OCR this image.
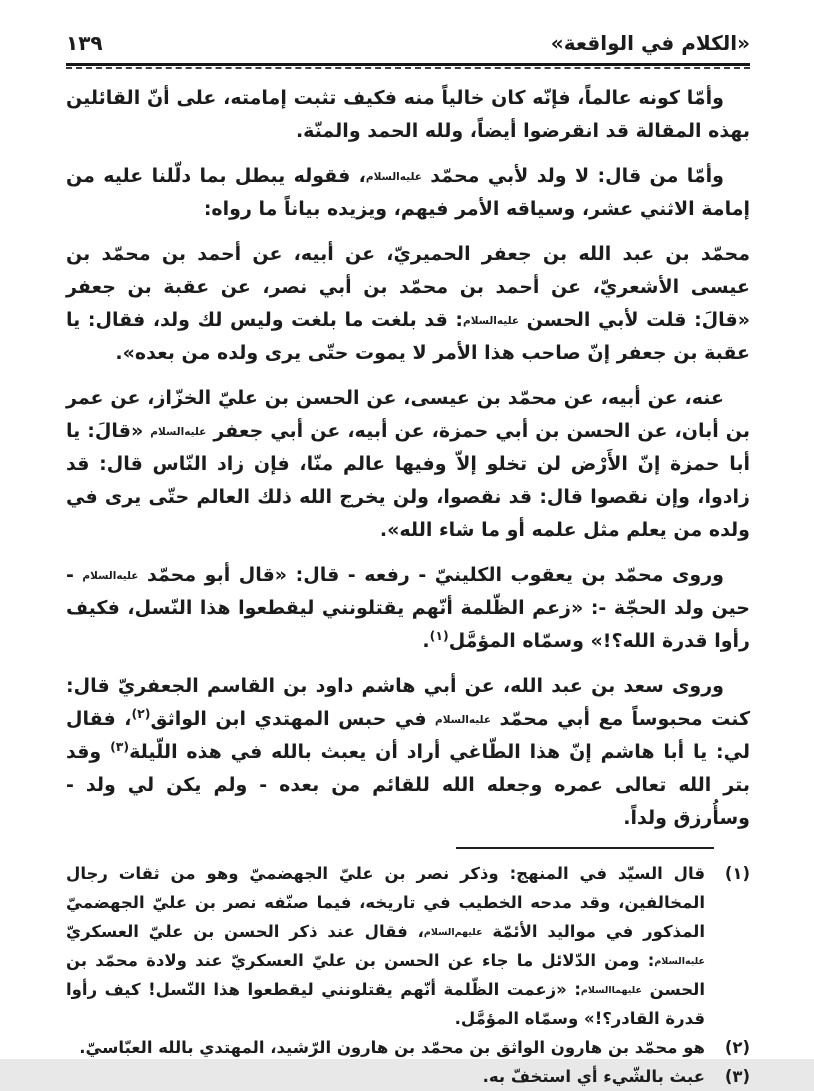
«الكلام في الواقعة»
١٣٩

وأمّا كونه عالماً، فإنّه كان خالياً منه فكيف تثبت إمامته، على أنّ القائلين بهذه المقالة قد انقرضوا أيضاً، ولله الحمد والمنّة.

وأمّا من قال: لا ولد لأبي محمّد عليه‌السلام، فقوله يبطل بما دلّلنا عليه من إمامة الاثني عشر، وسياقه الأمر فيهم، ويزيده بياناً ما رواه:

محمّد بن عبد الله بن جعفر الحميريّ، عن أبيه، عن أحمد بن محمّد بن عيسى الأشعريّ، عن أحمد بن محمّد بن أبي نصر، عن عقبة بن جعفر «قالَ: قلت لأبي الحسن عليه‌السلام: قد بلغت ما بلغت وليس لك ولد، فقال: يا عقبة بن جعفر إنّ صاحب هذا الأمر لا يموت حتّى يرى ولده من بعده».

عنه، عن أبيه، عن محمّد بن عيسى، عن الحسن بن عليّ الخزّاز، عن عمر بن أبان، عن الحسن بن أبي حمزة، عن أبيه، عن أبي جعفر عليه‌السلام «قالَ: يا أبا حمزة إنّ الأَرْض لن تخلو إلاّ وفيها عالم منّا، فإن زاد النّاس قال: قد زادوا، وإن نقصوا قال: قد نقصوا، ولن يخرج الله ذلك العالم حتّى يرى في ولده من يعلم مثل علمه أو ما شاء الله».

وروى محمّد بن يعقوب الكلينيّ - رفعه - قال: «قال أبو محمّد عليه‌السلام - حين ولد الحجّة -: «زعم الظّلمة أنّهم يقتلونني ليقطعوا هذا النّسل، فكيف رأوا قدرة الله؟!» وسمّاه المؤمَّل$^{(١)}$.

وروى سعد بن عبد الله، عن أبي هاشم داود بن القاسم الجعفريّ قال: كنت محبوساً مع أبي محمّد عليه‌السلام في حبس المهتدي ابن الواثق$^{(٢)}$، فقال لي: يا أبا هاشم إنّ هذا الطّاغي أراد أن يعبث بالله في هذه اللّيلة$^{(٣)}$ وقد بتر الله تعالى عمره وجعله الله للقائم من بعده - ولم يكن لي ولد - وسأُرزق ولداً.

(١)
قال السيّد في المنهج: وذكر نصر بن عليّ الجهضميّ وهو من ثقات رجال المخالفين، وقد مدحه الخطيب في تاريخه، فيما صنّفه نصر بن عليّ الجهضميّ المذكور في مواليد الأئمّة عليهم‌السلام، فقال عند ذكر الحسن بن عليّ العسكريّ عليه‌السلام: ومن الدّلائل ما جاء عن الحسن بن عليّ العسكريّ عند ولادة محمّد بن الحسن عليهما‌السلام: «زعمت الظّلمة أنّهم يقتلونني ليقطعوا هذا النّسل! كيف رأوا قدرة القادر؟!» وسمّاه المؤمَّل.
(٢)
هو محمّد بن هارون الواثق بن محمّد بن هارون الرّشيد، المهتدي بالله العبّاسيّ.
(٣)
عبث بالشّيء أي استخفّ به.
